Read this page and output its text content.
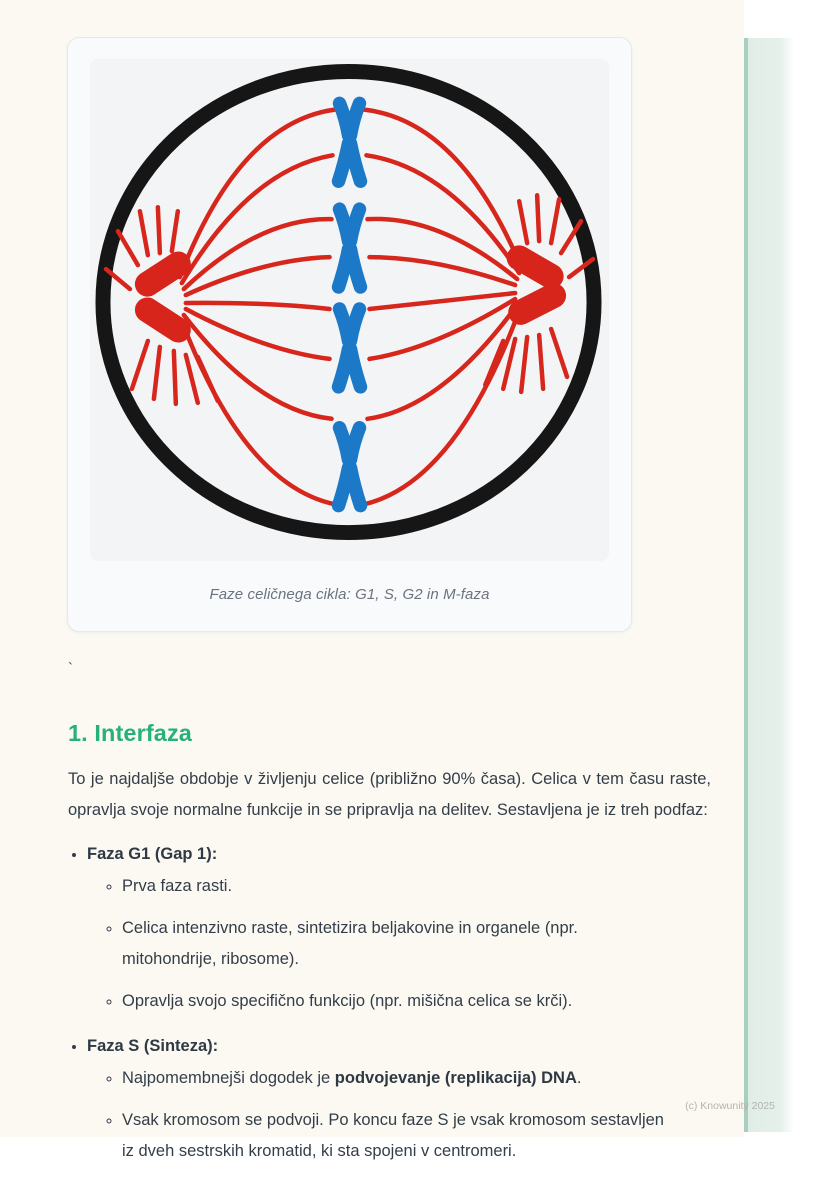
Faze celičnega cikla: G1, S, G2 in M-faza
`
1. Interfaza

To je najdaljše obdobje v življenju celice (približno 90% časa). Celica v tem času raste, opravlja svoje normalne funkcije in se pripravlja na delitev. Sestavljena je iz treh podfaz:

• Faza G1 (Gap 1):
◦ Prva faza rasti.
◦ Celica intenzivno raste, sintetizira beljakovine in organele (npr. mitohondrije, ribosome).
◦ Opravlja svojo specifično funkcijo (npr. mišična celica se krči).
• Faza S (Sinteza):
◦ Najpomembnejši dogodek je podvojevanje (replikacija) DNA.
◦ Vsak kromosom se podvoji. Po koncu faze S je vsak kromosom sestavljen iz dveh sestrskih kromatid, ki sta spojeni v centromeri.
(c) Knowunity 2025
